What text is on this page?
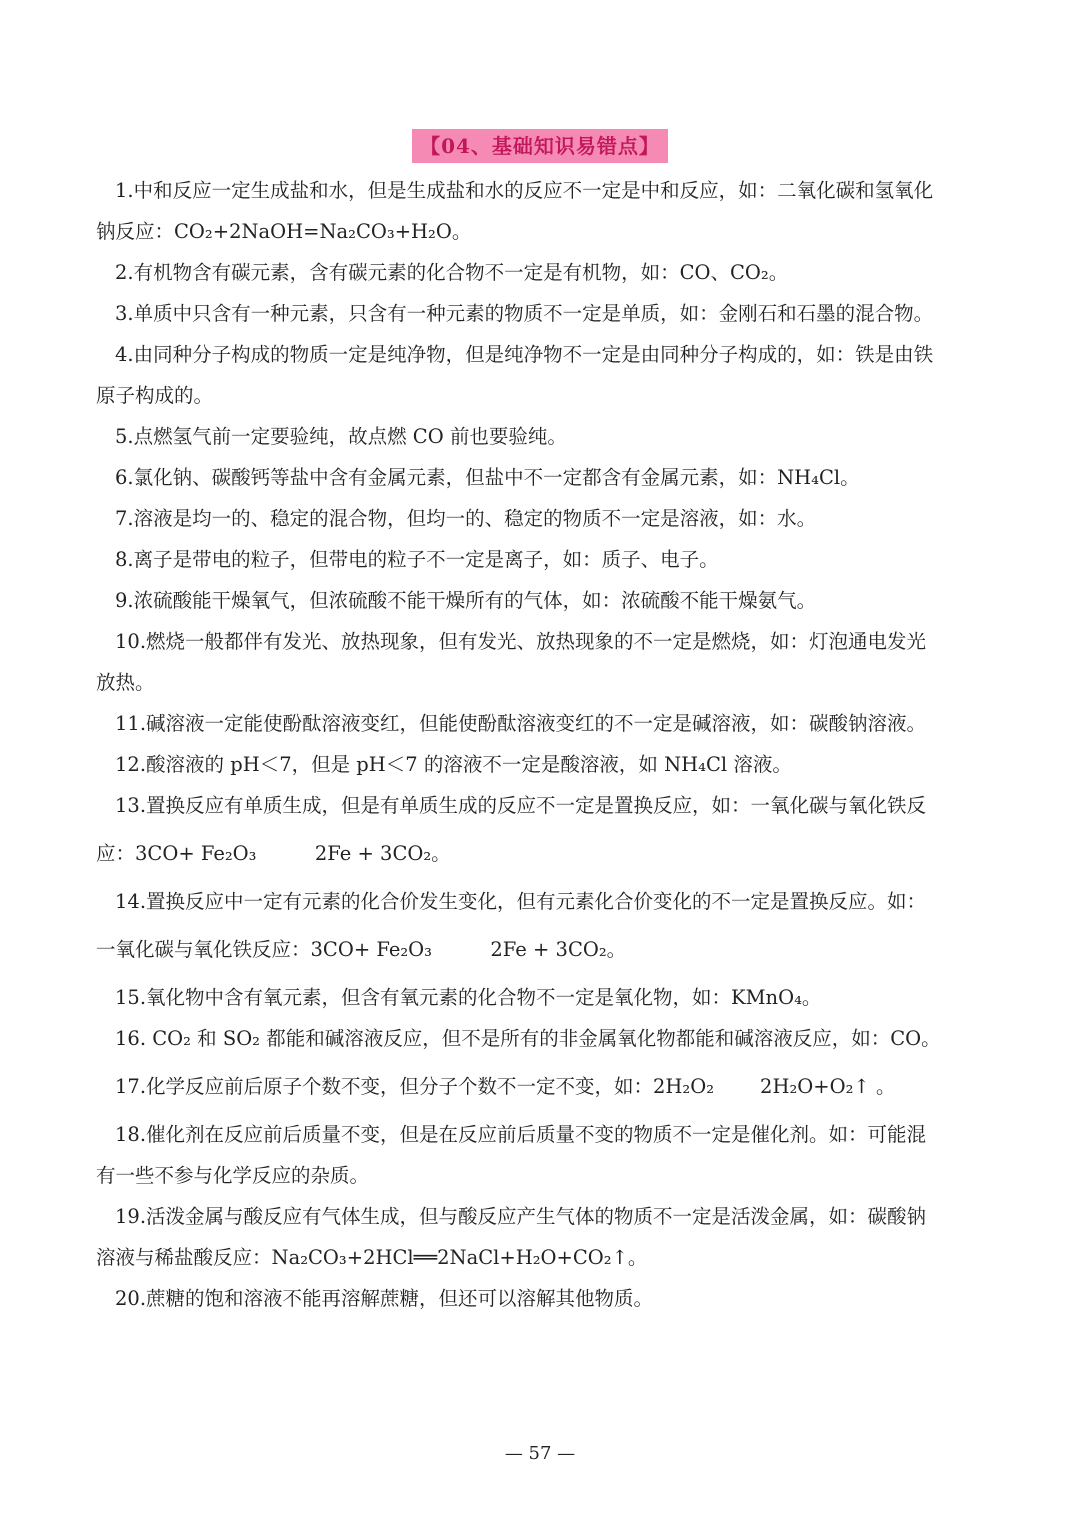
【04、基础知识易错点】
1.中和反应一定生成盐和水，但是生成盐和水的反应不一定是中和反应，如：二氧化碳和氢氧化
钠反应：CO₂+2NaOH=Na₂CO₃+H₂O。
2.有机物含有碳元素，含有碳元素的化合物不一定是有机物，如：CO、CO₂。
3.单质中只含有一种元素，只含有一种元素的物质不一定是单质，如：金刚石和石墨的混合物。
4.由同种分子构成的物质一定是纯净物，但是纯净物不一定是由同种分子构成的，如：铁是由铁
原子构成的。
5.点燃氢气前一定要验纯，故点燃 CO 前也要验纯。
6.氯化钠、碳酸钙等盐中含有金属元素，但盐中不一定都含有金属元素，如：NH₄Cl。
7.溶液是均一的、稳定的混合物，但均一的、稳定的物质不一定是溶液，如：水。
8.离子是带电的粒子，但带电的粒子不一定是离子，如：质子、电子。
9.浓硫酸能干燥氧气，但浓硫酸不能干燥所有的气体，如：浓硫酸不能干燥氨气。
10.燃烧一般都伴有发光、放热现象，但有发光、放热现象的不一定是燃烧，如：灯泡通电发光
放热。
11.碱溶液一定能使酚酞溶液变红，但能使酚酞溶液变红的不一定是碱溶液，如：碳酸钠溶液。
12.酸溶液的 pH＜7，但是 pH＜7 的溶液不一定是酸溶液，如 NH₄Cl 溶液。
13.置换反应有单质生成，但是有单质生成的反应不一定是置换反应，如：一氧化碳与氧化铁反
应：3CO+ Fe₂O₃	2Fe + 3CO₂。
14.置换反应中一定有元素的化合价发生变化，但有元素化合价变化的不一定是置换反应。如：
一氧化碳与氧化铁反应：3CO+ Fe₂O₃	2Fe + 3CO₂。
15.氧化物中含有氧元素，但含有氧元素的化合物不一定是氧化物，如：KMnO₄。
16. CO₂ 和 SO₂ 都能和碱溶液反应，但不是所有的非金属氧化物都能和碱溶液反应，如：CO。
17.化学反应前后原子个数不变，但分子个数不一定不变，如：2H₂O₂ 2H₂O+O₂↑ 。
18.催化剂在反应前后质量不变，但是在反应前后质量不变的物质不一定是催化剂。如：可能混
有一些不参与化学反应的杂质。
19.活泼金属与酸反应有气体生成，但与酸反应产生气体的物质不一定是活泼金属，如：碳酸钠
溶液与稀盐酸反应：Na₂CO₃+2HCl══2NaCl+H₂O+CO₂↑。
20.蔗糖的饱和溶液不能再溶解蔗糖，但还可以溶解其他物质。
— 57 —
